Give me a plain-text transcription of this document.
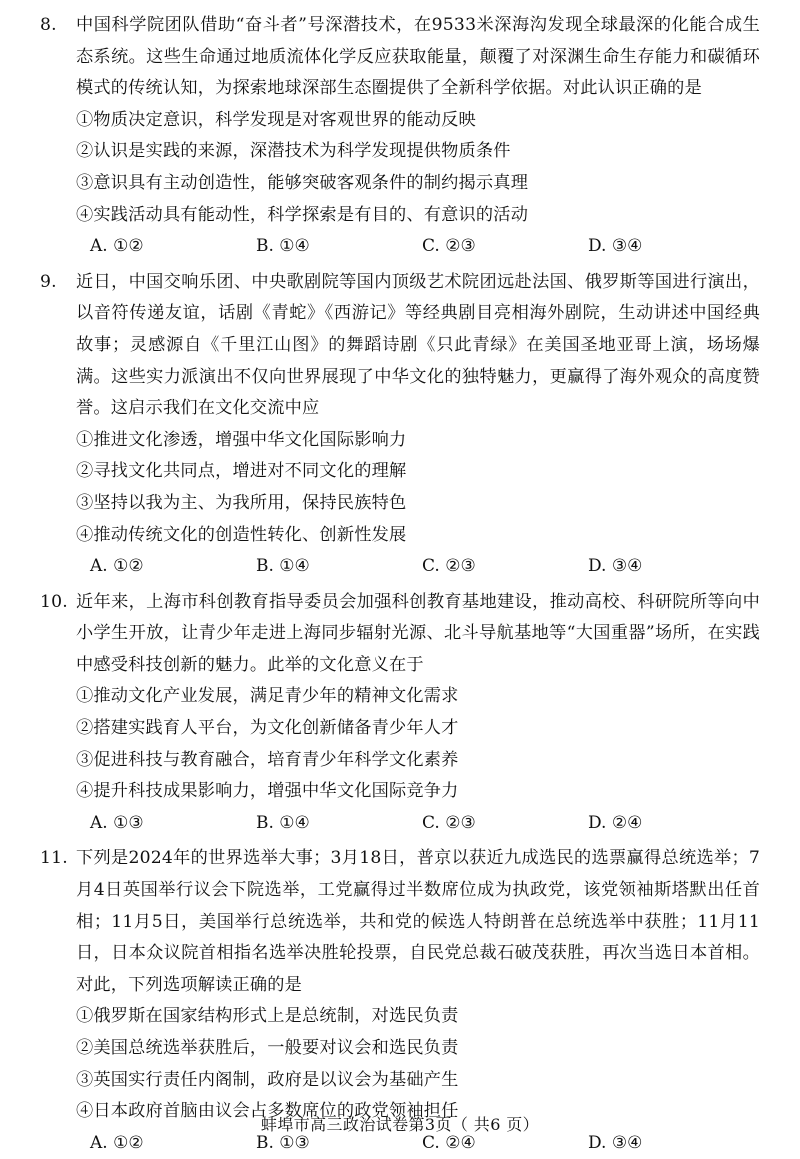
8.	中国科学院团队借助“奋斗者”号深潜技术，在9533米深海沟发现全球最深的化能合成生态系统。这些生命通过地质流体化学反应获取能量，颠覆了对深渊生命生存能力和碳循环模式的传统认知，为探索地球深部生态圈提供了全新科学依据。对此认识正确的是
①物质决定意识，科学发现是对客观世界的能动反映
②认识是实践的来源，深潜技术为科学发现提供物质条件
③意识具有主动创造性，能够突破客观条件的制约揭示真理
④实践活动具有能动性，科学探索是有目的、有意识的活动
A. ①②	B. ①④	C. ②③	D. ③④
9.	近日，中国交响乐团、中央歌剧院等国内顶级艺术院团远赴法国、俄罗斯等国进行演出，以音符传递友谊，话剧《青蛇》《西游记》等经典剧目亮相海外剧院，生动讲述中国经典故事；灵感源自《千里江山图》的舞蹈诗剧《只此青绿》在美国圣地亚哥上演，场场爆满。这些实力派演出不仅向世界展现了中华文化的独特魅力，更赢得了海外观众的高度赞誉。这启示我们在文化交流中应
①推进文化渗透，增强中华文化国际影响力
②寻找文化共同点，增进对不同文化的理解
③坚持以我为主、为我所用，保持民族特色
④推动传统文化的创造性转化、创新性发展
A. ①②	B. ①④	C. ②③	D. ③④
10. 近年来，上海市科创教育指导委员会加强科创教育基地建设，推动高校、科研院所等向中小学生开放，让青少年走进上海同步辐射光源、北斗导航基地等“大国重器”场所，在实践中感受科技创新的魅力。此举的文化意义在于
①推动文化产业发展，满足青少年的精神文化需求
②搭建实践育人平台，为文化创新储备青少年人才
③促进科技与教育融合，培育青少年科学文化素养
④提升科技成果影响力，增强中华文化国际竞争力
A. ①③	B. ①④	C. ②③	D. ②④
11. 下列是2024年的世界选举大事；3月18日，普京以获近九成选民的选票赢得总统选举；7月4日英国举行议会下院选举，工党赢得过半数席位成为执政党，该党领袖斯塔默出任首相；11月5日，美国举行总统选举，共和党的候选人特朗普在总统选举中获胜；11月11日，日本众议院首相指名选举决胜轮投票，自民党总裁石破茂获胜，再次当选日本首相。对此，下列选项解读正确的是
①俄罗斯在国家结构形式上是总统制，对选民负责
②美国总统选举获胜后，一般要对议会和选民负责
③英国实行责任内阁制，政府是以议会为基础产生
④日本政府首脑由议会占多数席位的政党领袖担任
A. ①②	B. ①③	C. ②④	D. ③④
蚌埠市高三政治试卷第3页（ 共6 页）
